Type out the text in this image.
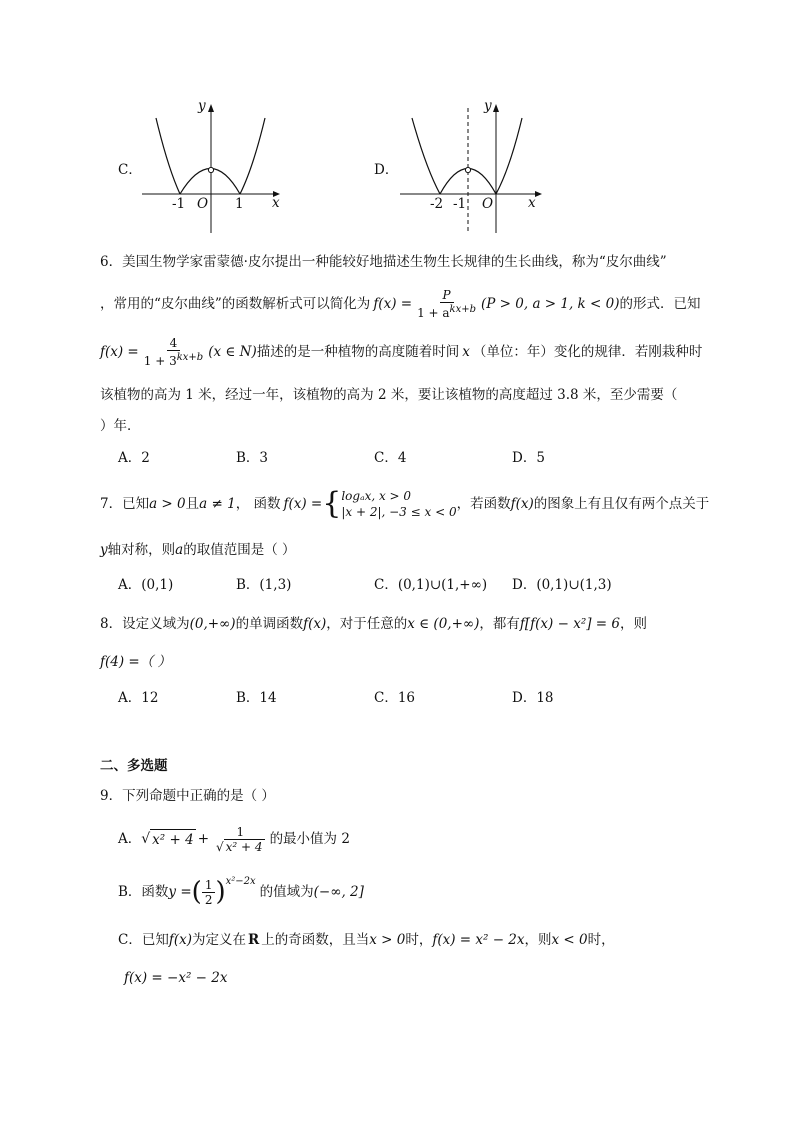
C．
y
x
-1 O 1
D．
y
x
-2 -1 O
6．美国生物学家雷蒙德·皮尔提出一种能较好地描述生物生长规律的生长曲线，称为“皮尔曲线”
，常用的“皮尔曲线”的函数解析式可以简化为 $f(x) = \frac{P}{1 + a^{kx+b}} (P > 0$, a > 1, k < 0) 的形式．已知
$f(x) = \frac{4}{1 + 3^{kx+b}} (x$ ∈ N) 描述的是一种植物的高度随着时间 x （单位：年）变化的规律．若刚栽种时
该植物的高为 1 米，经过一年，该植物的高为 2 米，要让该植物的高度超过 3.8 米，至少需要（
）年．
A．2	B．3	C．4	D．5
7．已知 a > 0 且 a ≠ 1 ， 函数 f(x) = { logₐx, x > 0
|x + 2|, −3 ≤ x < 0 ，若函数 f(x) 的图象上有且仅有两个点关于
y轴对称，则a的取值范围是（ ）
A．(0,1)	B．(1,3)	C．(0,1)∪(1,+∞) D．(0,1)∪(1,3)
8．设定义域为(0,+∞)的单调函数f(x)，对于任意的x ∈ (0,+∞)，都有f[f(x) − x²] = 6，则
f(4) =（ ）
A．12	B．14	C．16	D．18
二、多选题
9．下列命题中正确的是（ ）
A． √ $x^2 + 4 + \frac{1}{\text{√ x² + 4}}$ 的最小值为 2
B．函数 y = ( $\frac{1}{2} )^{x^2-2x}$
的值域为 (−∞, 2]
C．已知f(x)为定义在 R 上的奇函数，且当x > 0时，f(x) = x² − 2x，则x < 0时，
f(x) = −x² − 2x
